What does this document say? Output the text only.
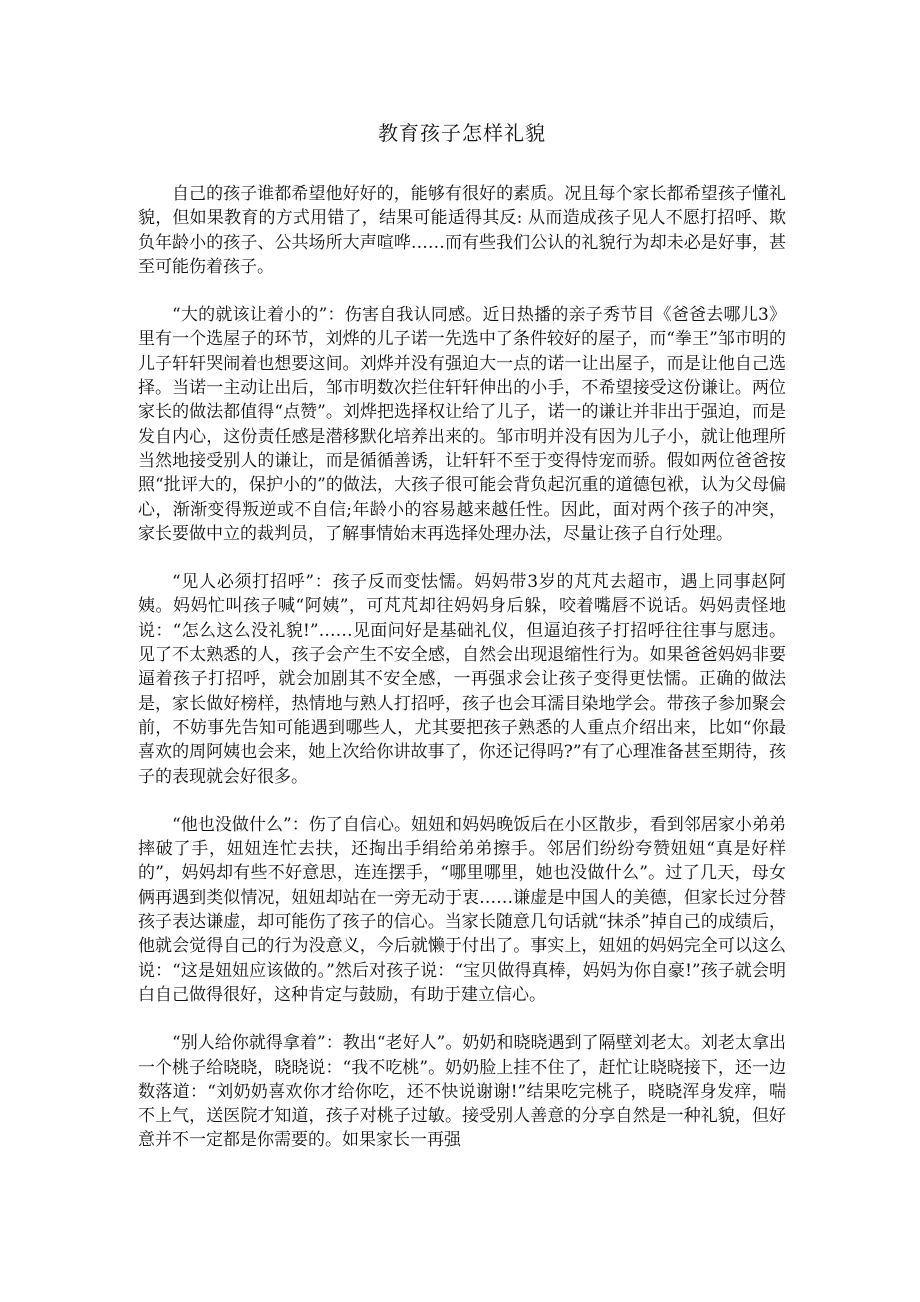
教育孩子怎样礼貌

自己的孩子谁都希望他好好的，能够有很好的素质。况且每个家长都希望孩子懂礼貌，但如果教育的方式用错了，结果可能适得其反: 从而造成孩子见人不愿打招呼、欺负年龄小的孩子、公共场所大声喧哗……而有些我们公认的礼貌行为却未必是好事，甚至可能伤着孩子。

“大的就该让着小的”：伤害自我认同感。近日热播的亲子秀节目《爸爸去哪儿3》里有一个选屋子的环节，刘烨的儿子诺一先选中了条件较好的屋子，而“拳王”邹市明的儿子轩轩哭闹着也想要这间。刘烨并没有强迫大一点的诺一让出屋子，而是让他自己选择。当诺一主动让出后，邹市明数次拦住轩轩伸出的小手，不希望接受这份谦让。两位家长的做法都值得“点赞”。刘烨把选择权让给了儿子，诺一的谦让并非出于强迫，而是发自内心，这份责任感是潜移默化培养出来的。邹市明并没有因为儿子小，就让他理所当然地接受别人的谦让，而是循循善诱，让轩轩不至于变得恃宠而骄。假如两位爸爸按照“批评大的，保护小的”的做法，大孩子很可能会背负起沉重的道德包袱，认为父母偏心，渐渐变得叛逆或不自信;年龄小的容易越来越任性。因此，面对两个孩子的冲突，家长要做中立的裁判员，了解事情始末再选择处理办法，尽量让孩子自行处理。

“见人必须打招呼”：孩子反而变怯懦。妈妈带3岁的芃芃去超市，遇上同事赵阿姨。妈妈忙叫孩子喊“阿姨”，可芃芃却往妈妈身后躲，咬着嘴唇不说话。妈妈责怪地说：“怎么这么没礼貌!”……见面问好是基础礼仪，但逼迫孩子打招呼往往事与愿违。见了不太熟悉的人，孩子会产生不安全感，自然会出现退缩性行为。如果爸爸妈妈非要逼着孩子打招呼，就会加剧其不安全感，一再强求会让孩子变得更怯懦。正确的做法是，家长做好榜样，热情地与熟人打招呼，孩子也会耳濡目染地学会。带孩子参加聚会前，不妨事先告知可能遇到哪些人，尤其要把孩子熟悉的人重点介绍出来，比如“你最喜欢的周阿姨也会来，她上次给你讲故事了，你还记得吗?”有了心理准备甚至期待，孩子的表现就会好很多。

“他也没做什么”：伤了自信心。妞妞和妈妈晚饭后在小区散步，看到邻居家小弟弟摔破了手，妞妞连忙去扶，还掏出手绢给弟弟擦手。邻居们纷纷夸赞妞妞“真是好样的”，妈妈却有些不好意思，连连摆手，“哪里哪里，她也没做什么”。过了几天，母女俩再遇到类似情况，妞妞却站在一旁无动于衷……谦虚是中国人的美德，但家长过分替孩子表达谦虚，却可能伤了孩子的信心。当家长随意几句话就“抹杀”掉自己的成绩后，他就会觉得自己的行为没意义，今后就懒于付出了。事实上，妞妞的妈妈完全可以这么说：“这是妞妞应该做的。”然后对孩子说：“宝贝做得真棒，妈妈为你自豪!”孩子就会明白自己做得很好，这种肯定与鼓励，有助于建立信心。

“别人给你就得拿着”：教出“老好人”。奶奶和晓晓遇到了隔壁刘老太。刘老太拿出一个桃子给晓晓，晓晓说：“我不吃桃”。奶奶脸上挂不住了，赶忙让晓晓接下，还一边数落道：“刘奶奶喜欢你才给你吃，还不快说谢谢!”结果吃完桃子，晓晓浑身发痒，喘不上气，送医院才知道，孩子对桃子过敏。接受别人善意的分享自然是一种礼貌，但好意并不一定都是你需要的。如果家长一再强
